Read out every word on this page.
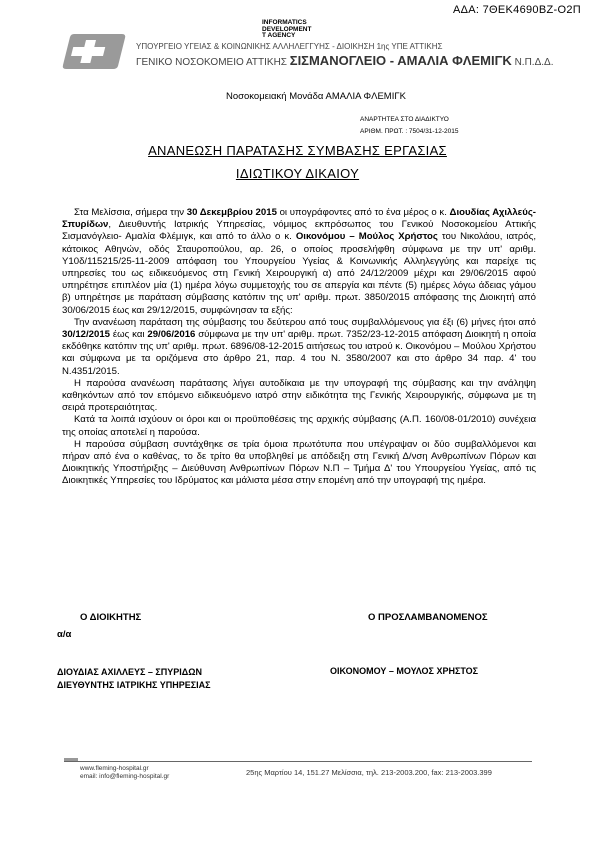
ΑΔΑ: 7ΘΕΚ4690ΒΖ-Ο2Π
INFORMATICS
DEVELOPMENT
T AGENCY
ΥΠΟΥΡΓΕΙΟ ΥΓΕΙΑΣ & ΚΟΙΝΩΝΙΚΗΣ ΑΛΛΗΛΕΓΓΥΗΣ - ΔΙΟΙΚΗΣΗ 1ης ΥΠΕ ΑΤΤΙΚΗΣ
ΓΕΝΙΚΟ ΝΟΣΟΚΟΜΕΙΟ ΑΤΤΙΚΗΣ ΣΙΣΜΑΝΟΓΛΕΙΟ - ΑΜΑΛΙΑ ΦΛΕΜΙΓΚ Ν.Π.Δ.Δ.
Νοσοκομειακή Μονάδα ΑΜΑΛΙΑ ΦΛΕΜΙΓΚ
ΑΝΑΡΤΗΤΕΑ ΣΤΟ ΔΙΑΔΙΚΤΥΟ
ΑΡΙΘΜ. ΠΡΩΤ. : 7504/31-12-2015
ΑΝΑΝΕΩΣΗ ΠΑΡΑΤΑΣΗΣ ΣΥΜΒΑΣΗΣ ΕΡΓΑΣΙΑΣ
ΙΔΙΩΤΙΚΟΥ ΔΙΚΑΙΟΥ

Στα Μελίσσια, σήμερα την 30 Δεκεμβρίου 2015 οι υπογράφοντες από το ένα μέρος ο κ. Διουδίας Αχιλλεύς- Σπυρίδων, Διευθυντής Ιατρικής Υπηρεσίας, νόμιμος εκπρόσωπος του Γενικού Νοσοκομείου Αττικής Σισμανόγλειο- Αμαλία Φλέμιγκ, και από το άλλο ο κ. Οικονόμου – Μούλος Χρήστος του Νικολάου, ιατρός, κάτοικος Αθηνών, οδός Σταυροπούλου, αρ. 26, ο οποίος προσελήφθη σύμφωνα με την υπ' αριθμ. Υ10δ/115215/25-11-2009 απόφαση του Υπουργείου Υγείας & Κοινωνικής Αλληλεγγύης και παρείχε τις υπηρεσίες του ως ειδικευόμενος στη Γενική Χειρουργική α) από 24/12/2009 μέχρι και 29/06/2015 αφού υπηρέτησε επιπλέον μία (1) ημέρα λόγω συμμετοχής του σε απεργία και πέντε (5) ημέρες λόγω άδειας γάμου β) υπηρέτησε με παράταση σύμβασης κατόπιν της υπ' αριθμ. πρωτ. 3850/2015 απόφασης της Διοικητή από 30/06/2015 έως και 29/12/2015, συμφώνησαν τα εξής:

Την ανανέωση παράταση της σύμβασης του δεύτερου από τους συμβαλλόμενους για έξι (6) μήνες ήτοι από 30/12/2015 έως και 29/06/2016 σύμφωνα με την υπ' αριθμ. πρωτ. 7352/23-12-2015 απόφαση Διοικητή η οποία εκδόθηκε κατόπιν της υπ' αριθμ. πρωτ. 6896/08-12-2015 αιτήσεως του ιατρού κ. Οικονόμου – Μούλου Χρήστου και σύμφωνα με τα οριζόμενα στο άρθρο 21, παρ. 4 του Ν. 3580/2007 και στο άρθρο 34 παρ. 4' του Ν.4351/2015.

Η παρούσα ανανέωση παράτασης λήγει αυτοδίκαια με την υπογραφή της σύμβασης και την ανάληψη καθηκόντων από τον επόμενο ειδικευόμενο ιατρό στην ειδικότητα της Γενικής Χειρουργικής, σύμφωνα με τη σειρά προτεραιότητας.

Κατά τα λοιπά ισχύουν οι όροι και οι προϋποθέσεις της αρχικής σύμβασης (Α.Π. 160/08-01/2010) συνέχεια της οποίας αποτελεί η παρούσα.

Η παρούσα σύμβαση συντάχθηκε σε τρία όμοια πρωτότυπα που υπέγραψαν οι δύο συμβαλλόμενοι και πήραν από ένα ο καθένας, το δε τρίτο θα υποβληθεί με απόδειξη στη Γενική Δ/νση Ανθρωπίνων Πόρων και Διοικητικής Υποστήριξης – Διεύθυνση Ανθρωπίνων Πόρων Ν.Π – Τμήμα Δ' του Υπουργείου Υγείας, από τις Διοικητικές Υπηρεσίες του Ιδρύματος και μάλιστα μέσα στην επομένη από την υπογραφή της ημέρα.

Ο ΔΙΟΙΚΗΤΗΣ	Ο ΠΡΟΣΛΑΜΒΑΝΟΜΕΝΟΣ
α/α
ΔΙΟΥΔΙΑΣ ΑΧΙΛΛΕΥΣ – ΣΠΥΡΙΔΩΝ
ΔΙΕΥΘΥΝΤΗΣ ΙΑΤΡΙΚΗΣ ΥΠΗΡΕΣΙΑΣ
ΟΙΚΟΝΟΜΟΥ – ΜΟΥΛΟΣ ΧΡΗΣΤΟΣ
www.fleming-hospital.gr
email: info@fleming-hospital.gr	25ης Μαρτίου 14, 151.27 Μελίσσια, τηλ. 213-2003.200, fax: 213-2003.399
